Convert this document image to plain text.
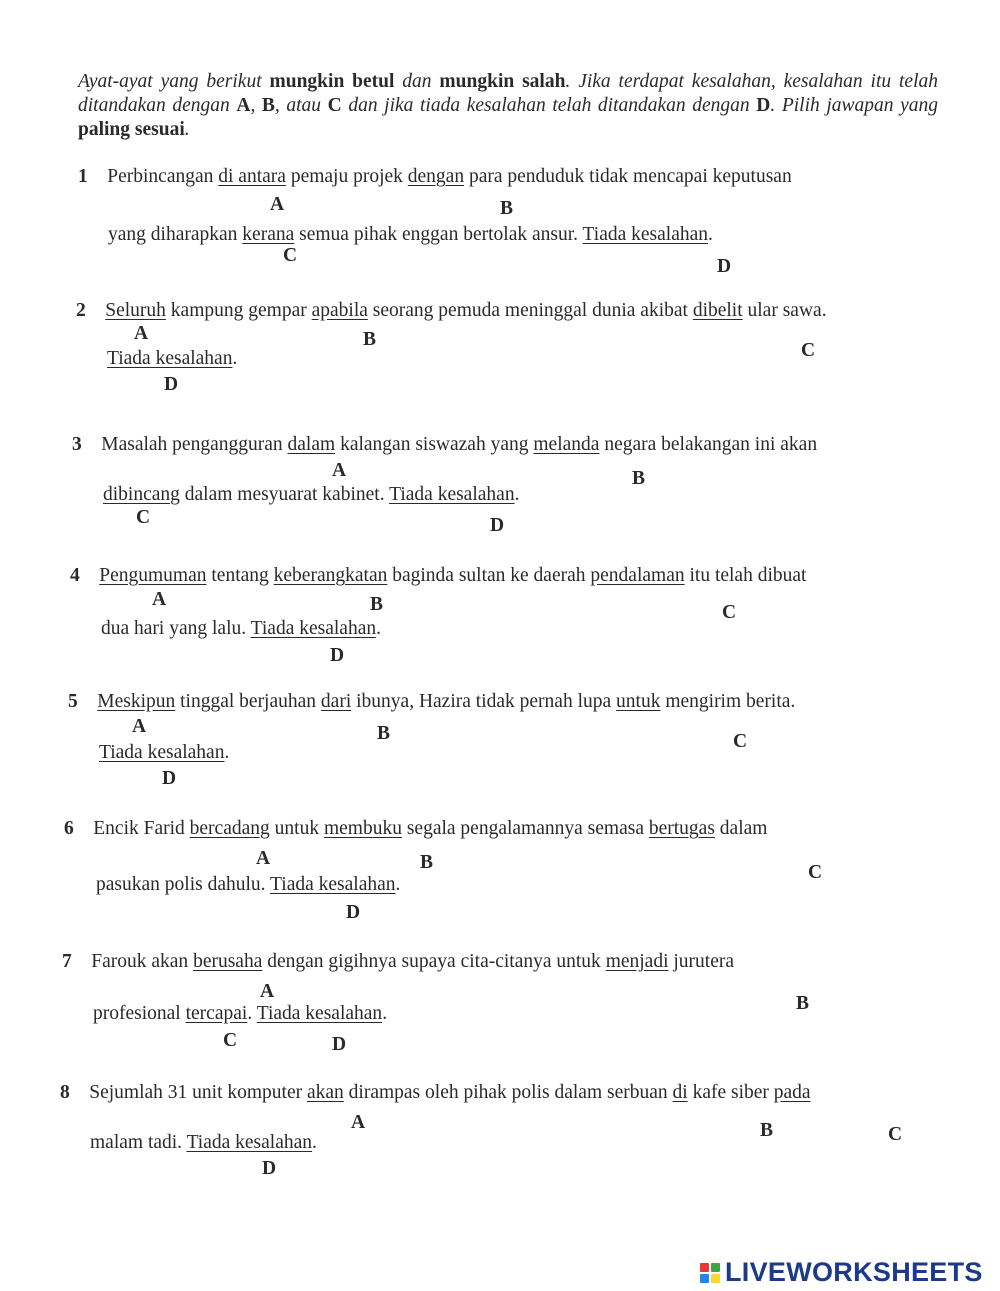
Ayat-ayat yang berikut mungkin betul dan mungkin salah. Jika terdapat kesalahan, kesalahan itu telah ditandakan dengan A, B, atau C dan jika tiada kesalahan telah ditandakan dengan D. Pilih jawapan yang paling sesuai.
1 Perbincangan di antara pemaju projek dengan para penduduk tidak mencapai keputusan
A	B
yang diharapkan kerana semua pihak enggan bertolak ansur. Tiada kesalahan.
C
D
2 Seluruh kampung gempar apabila seorang pemuda meninggal dunia akibat dibelit ular sawa.
A	B
C
Tiada kesalahan.
D
3 Masalah pengangguran dalam kalangan siswazah yang melanda negara belakangan ini akan
A	B
dibincang dalam mesyuarat kabinet. Tiada kesalahan.
C	D
4 Pengumuman tentang keberangkatan baginda sultan ke daerah pendalaman itu telah dibuat
A	B	C
dua hari yang lalu. Tiada kesalahan.
D
5 Meskipun tinggal berjauhan dari ibunya, Hazira tidak pernah lupa untuk mengirim berita.
A	B	C
Tiada kesalahan.
D
6 Encik Farid bercadang untuk membuku segala pengalamannya semasa bertugas dalam
A	B	C
pasukan polis dahulu. Tiada kesalahan.
D
7 Farouk akan berusaha dengan gigihnya supaya cita-citanya untuk menjadi jurutera
A
B
profesional tercapai. Tiada kesalahan.
C	D
8 Sejumlah 31 unit komputer akan dirampas oleh pihak polis dalam serbuan di kafe siber pada
A	B	C
malam tadi. Tiada kesalahan.
D
LIVEWORKSHEETS
